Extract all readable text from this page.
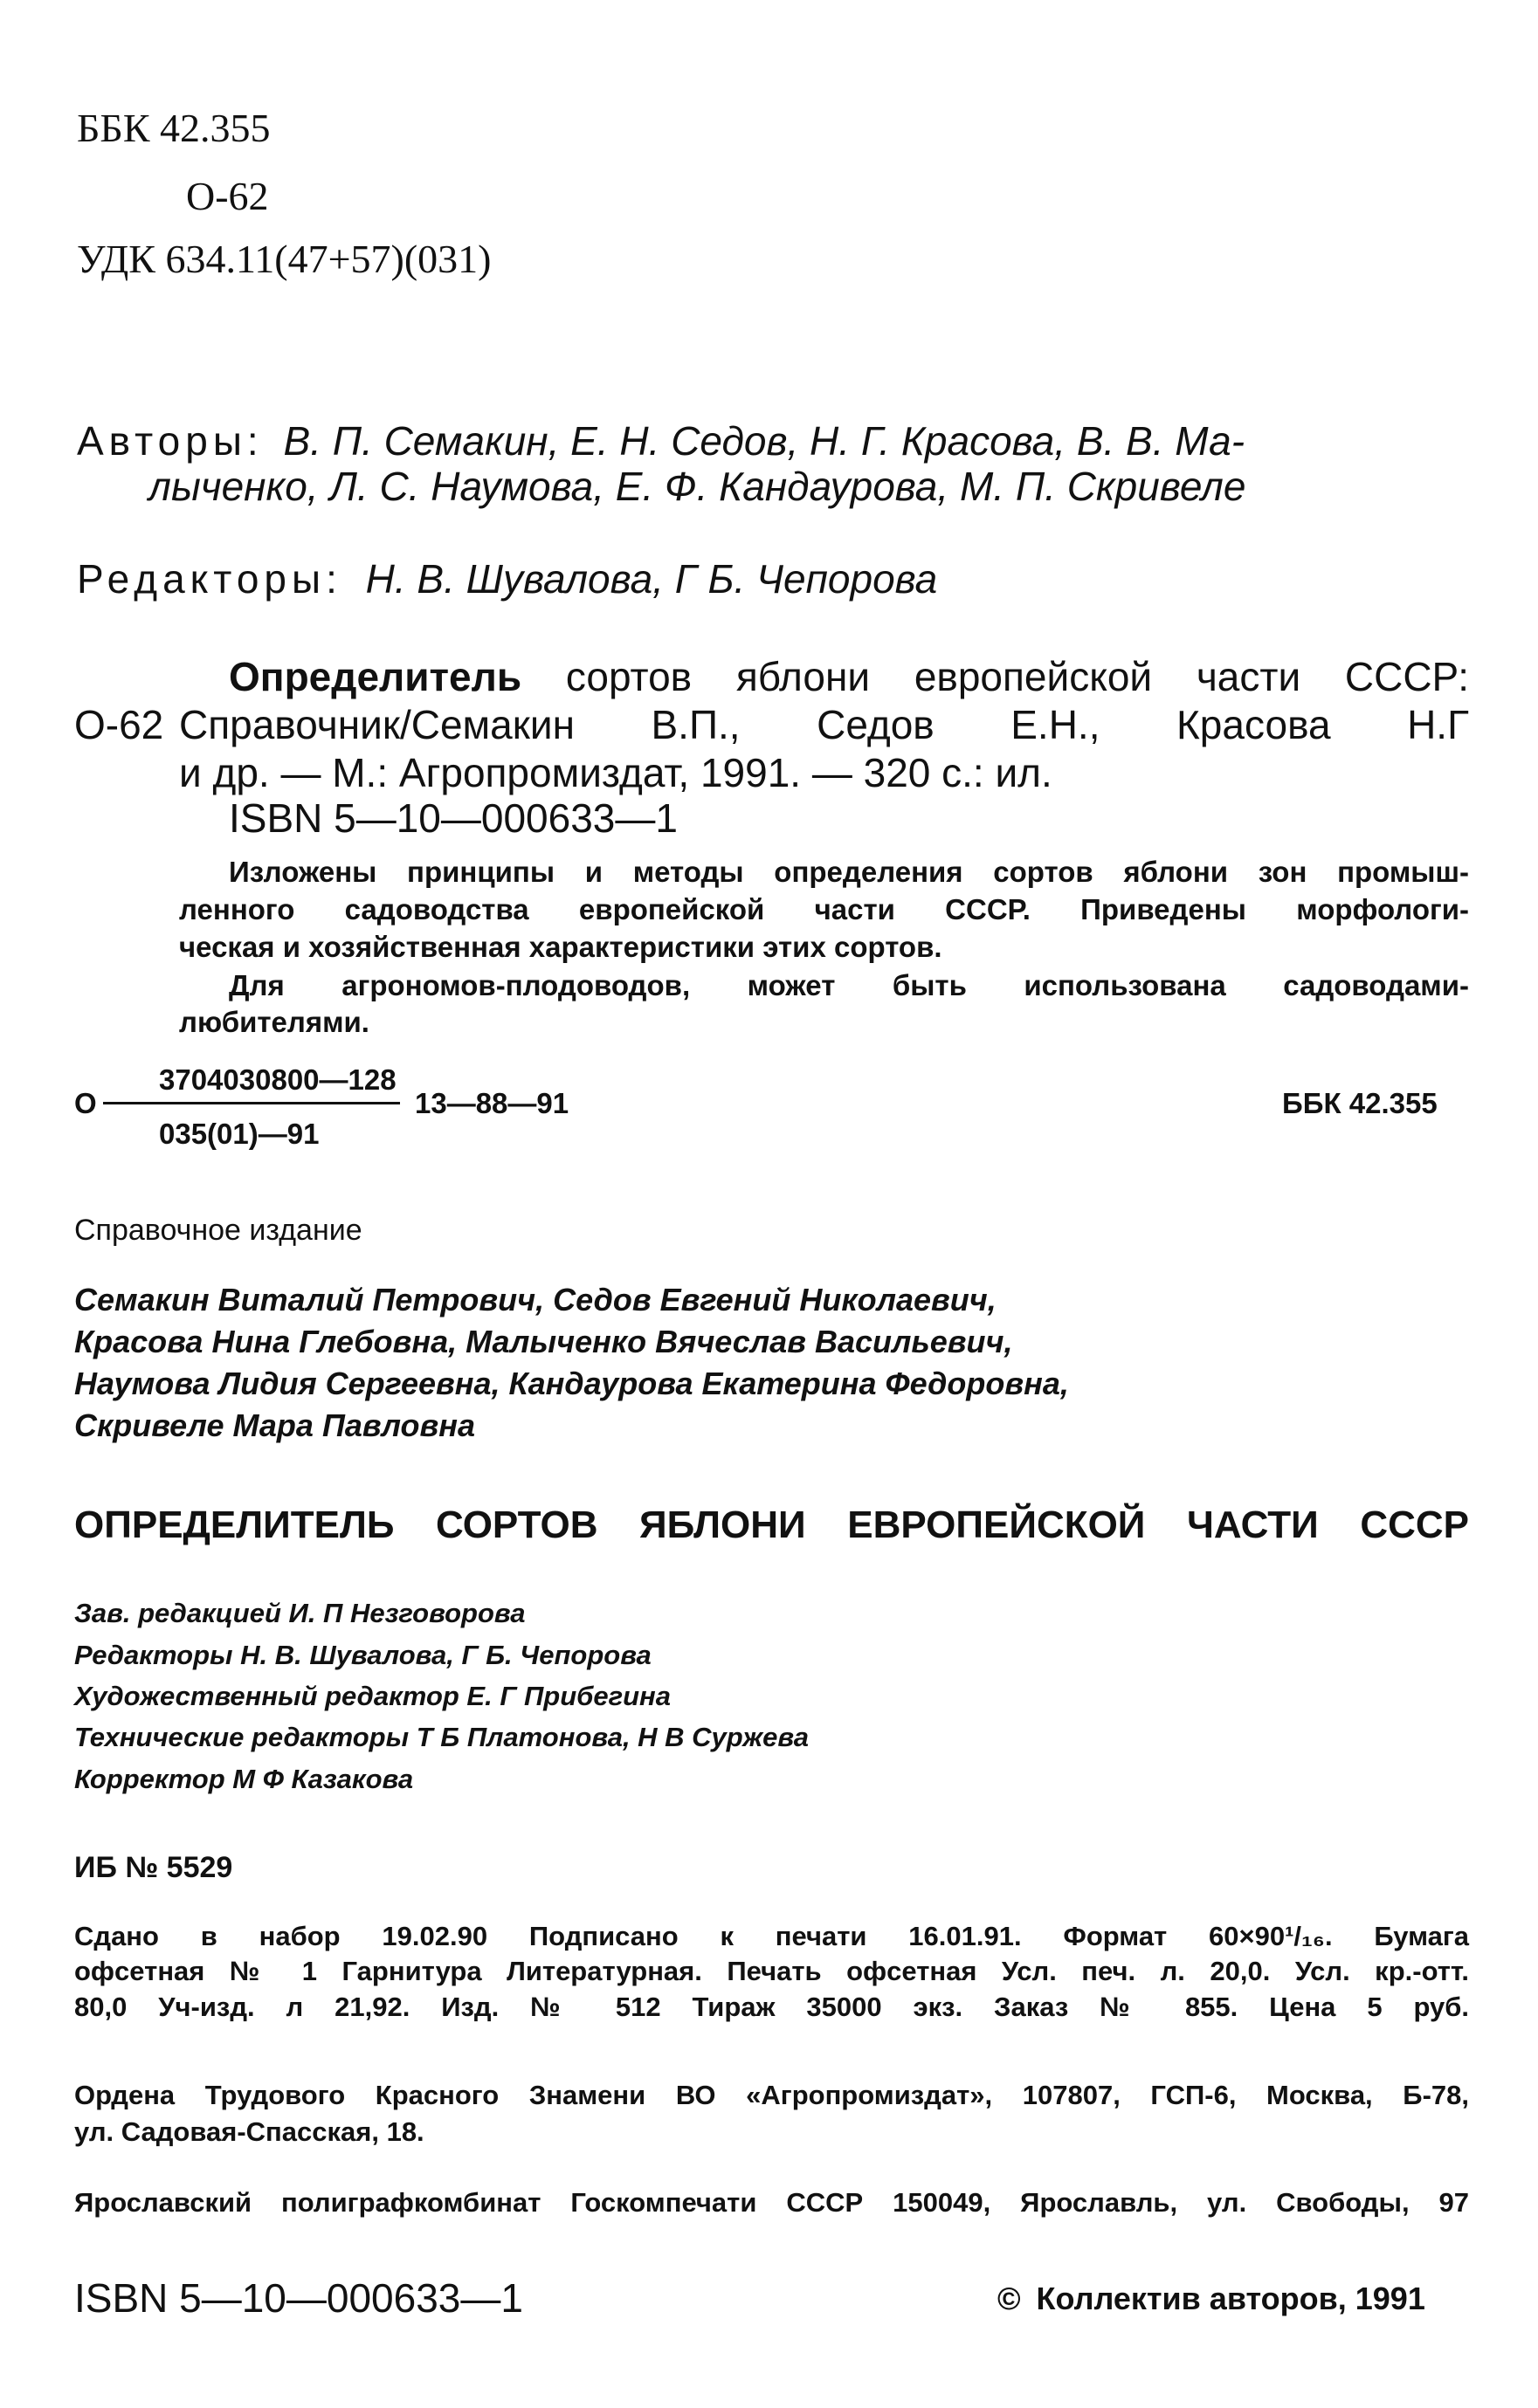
ББК 42.355
О-62
УДК 634.11(47+57)(031)
Авторы: В. П. Семакин, Е. Н. Седов, Н. Г. Красова, В. В. Ма-
лыченко, Л. С. Наумова, Е. Ф. Кандаурова, М. П. Скривеле
Редакторы: Н. В. Шувалова, Г Б. Чепорова
Определитель сортов яблони европейской части СССР:
О-62 Справочник/Семакин В.П., Седов Е.Н., Красова Н.Г
и др. — М.: Агропромиздат, 1991. — 320 с.: ил.
ISBN 5—10—000633—1
Изложены принципы и методы определения сортов яблони зон промыш-
ленного садоводства европейской части СССР. Приведены морфологи-
ческая и хозяйственная характеристики этих сортов.
Для агрономов-плодоводов, может быть использована садоводами-
любителями.
О
3704030800—128
035(01)—91
13—88—91	ББК 42.355
Справочное издание
Семакин Виталий Петрович, Седов Евгений Николаевич,
Красова Нина Глебовна, Малыченко Вячеслав Васильевич,
Наумова Лидия Сергеевна, Кандаурова Екатерина Федоровна,
Скривеле Мара Павловна
ОПРЕДЕЛИТЕЛЬ СОРТОВ ЯБЛОНИ ЕВРОПЕЙСКОЙ ЧАСТИ СССР
Зав. редакцией И. П Незговорова
Редакторы Н. В. Шувалова, Г Б. Чепорова
Художественный редактор Е. Г Прибегина
Технические редакторы Т Б Платонова, Н В Суржева
Корректор М Ф Казакова
ИБ № 5529
Сдано в набор 19.02.90 Подписано к печати 16.01.91. Формат 60×90¹/₁₆. Бумага
офсетная № 1 Гарнитура Литературная. Печать офсетная Усл. печ. л. 20,0. Усл. кр.-отт.
80,0 Уч-изд. л 21,92. Изд. № 512 Тираж 35000 экз. Заказ № 855. Цена 5 руб.
Ордена Трудового Красного Знамени ВО «Агропромиздат», 107807, ГСП-6, Москва, Б-78,
ул. Садовая-Спасская, 18.
Ярославский полиграфкомбинат Госкомпечати СССР 150049, Ярославль, ул. Свободы, 97
ISBN 5—10—000633—1	© Коллектив авторов, 1991
